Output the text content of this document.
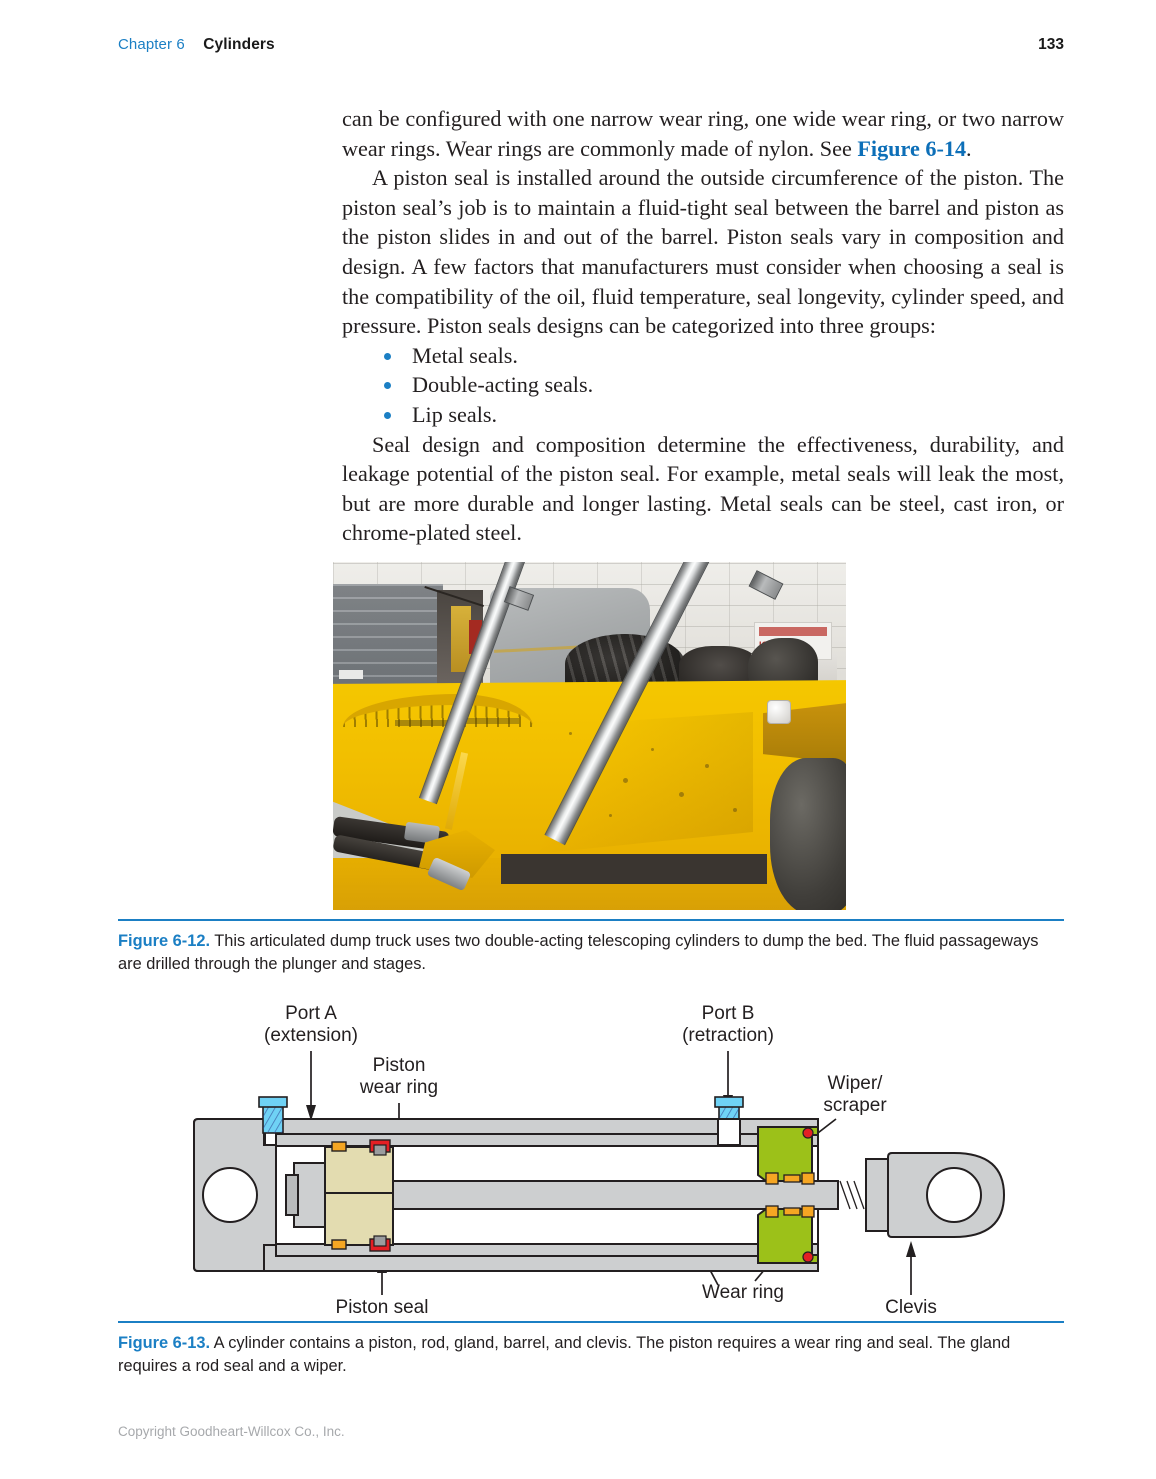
Chapter 6 Cylinders	133

can be configured with one narrow wear ring, one wide wear ring, or two narrow wear rings. Wear rings are commonly made of nylon. See Figure 6-14.

A piston seal is installed around the outside circumference of the piston. The piston seal’s job is to maintain a fluid-tight seal between the barrel and piston as the piston slides in and out of the barrel. Piston seals vary in composition and design. A few factors that manufacturers must consider when choosing a seal is the compatibility of the oil, fluid temperature, seal longevity, cylinder speed, and pressure. Piston seals designs can be categorized into three groups:

Metal seals.
Double-acting seals.
Lip seals.

Seal design and composition determine the effectiveness, durability, and leakage potential of the piston seal. For example, metal seals will leak the most, but are more durable and longer lasting. Metal seals can be steel, cast iron, or chrome-plated steel.

Figure 6-12. This articulated dump truck uses two double-acting telescoping cylinders to dump the bed. The fluid passageways are drilled through the plunger and stages.
Port A
(extension)
Piston
wear ring
Port B
(retraction)
Wiper/
scraper
Piston seal
Wear ring
Clevis
Figure 6-13. A cylinder contains a piston, rod, gland, barrel, and clevis. The piston requires a wear ring and seal. The gland requires a rod seal and a wiper.
Copyright Goodheart-Willcox Co., Inc.
